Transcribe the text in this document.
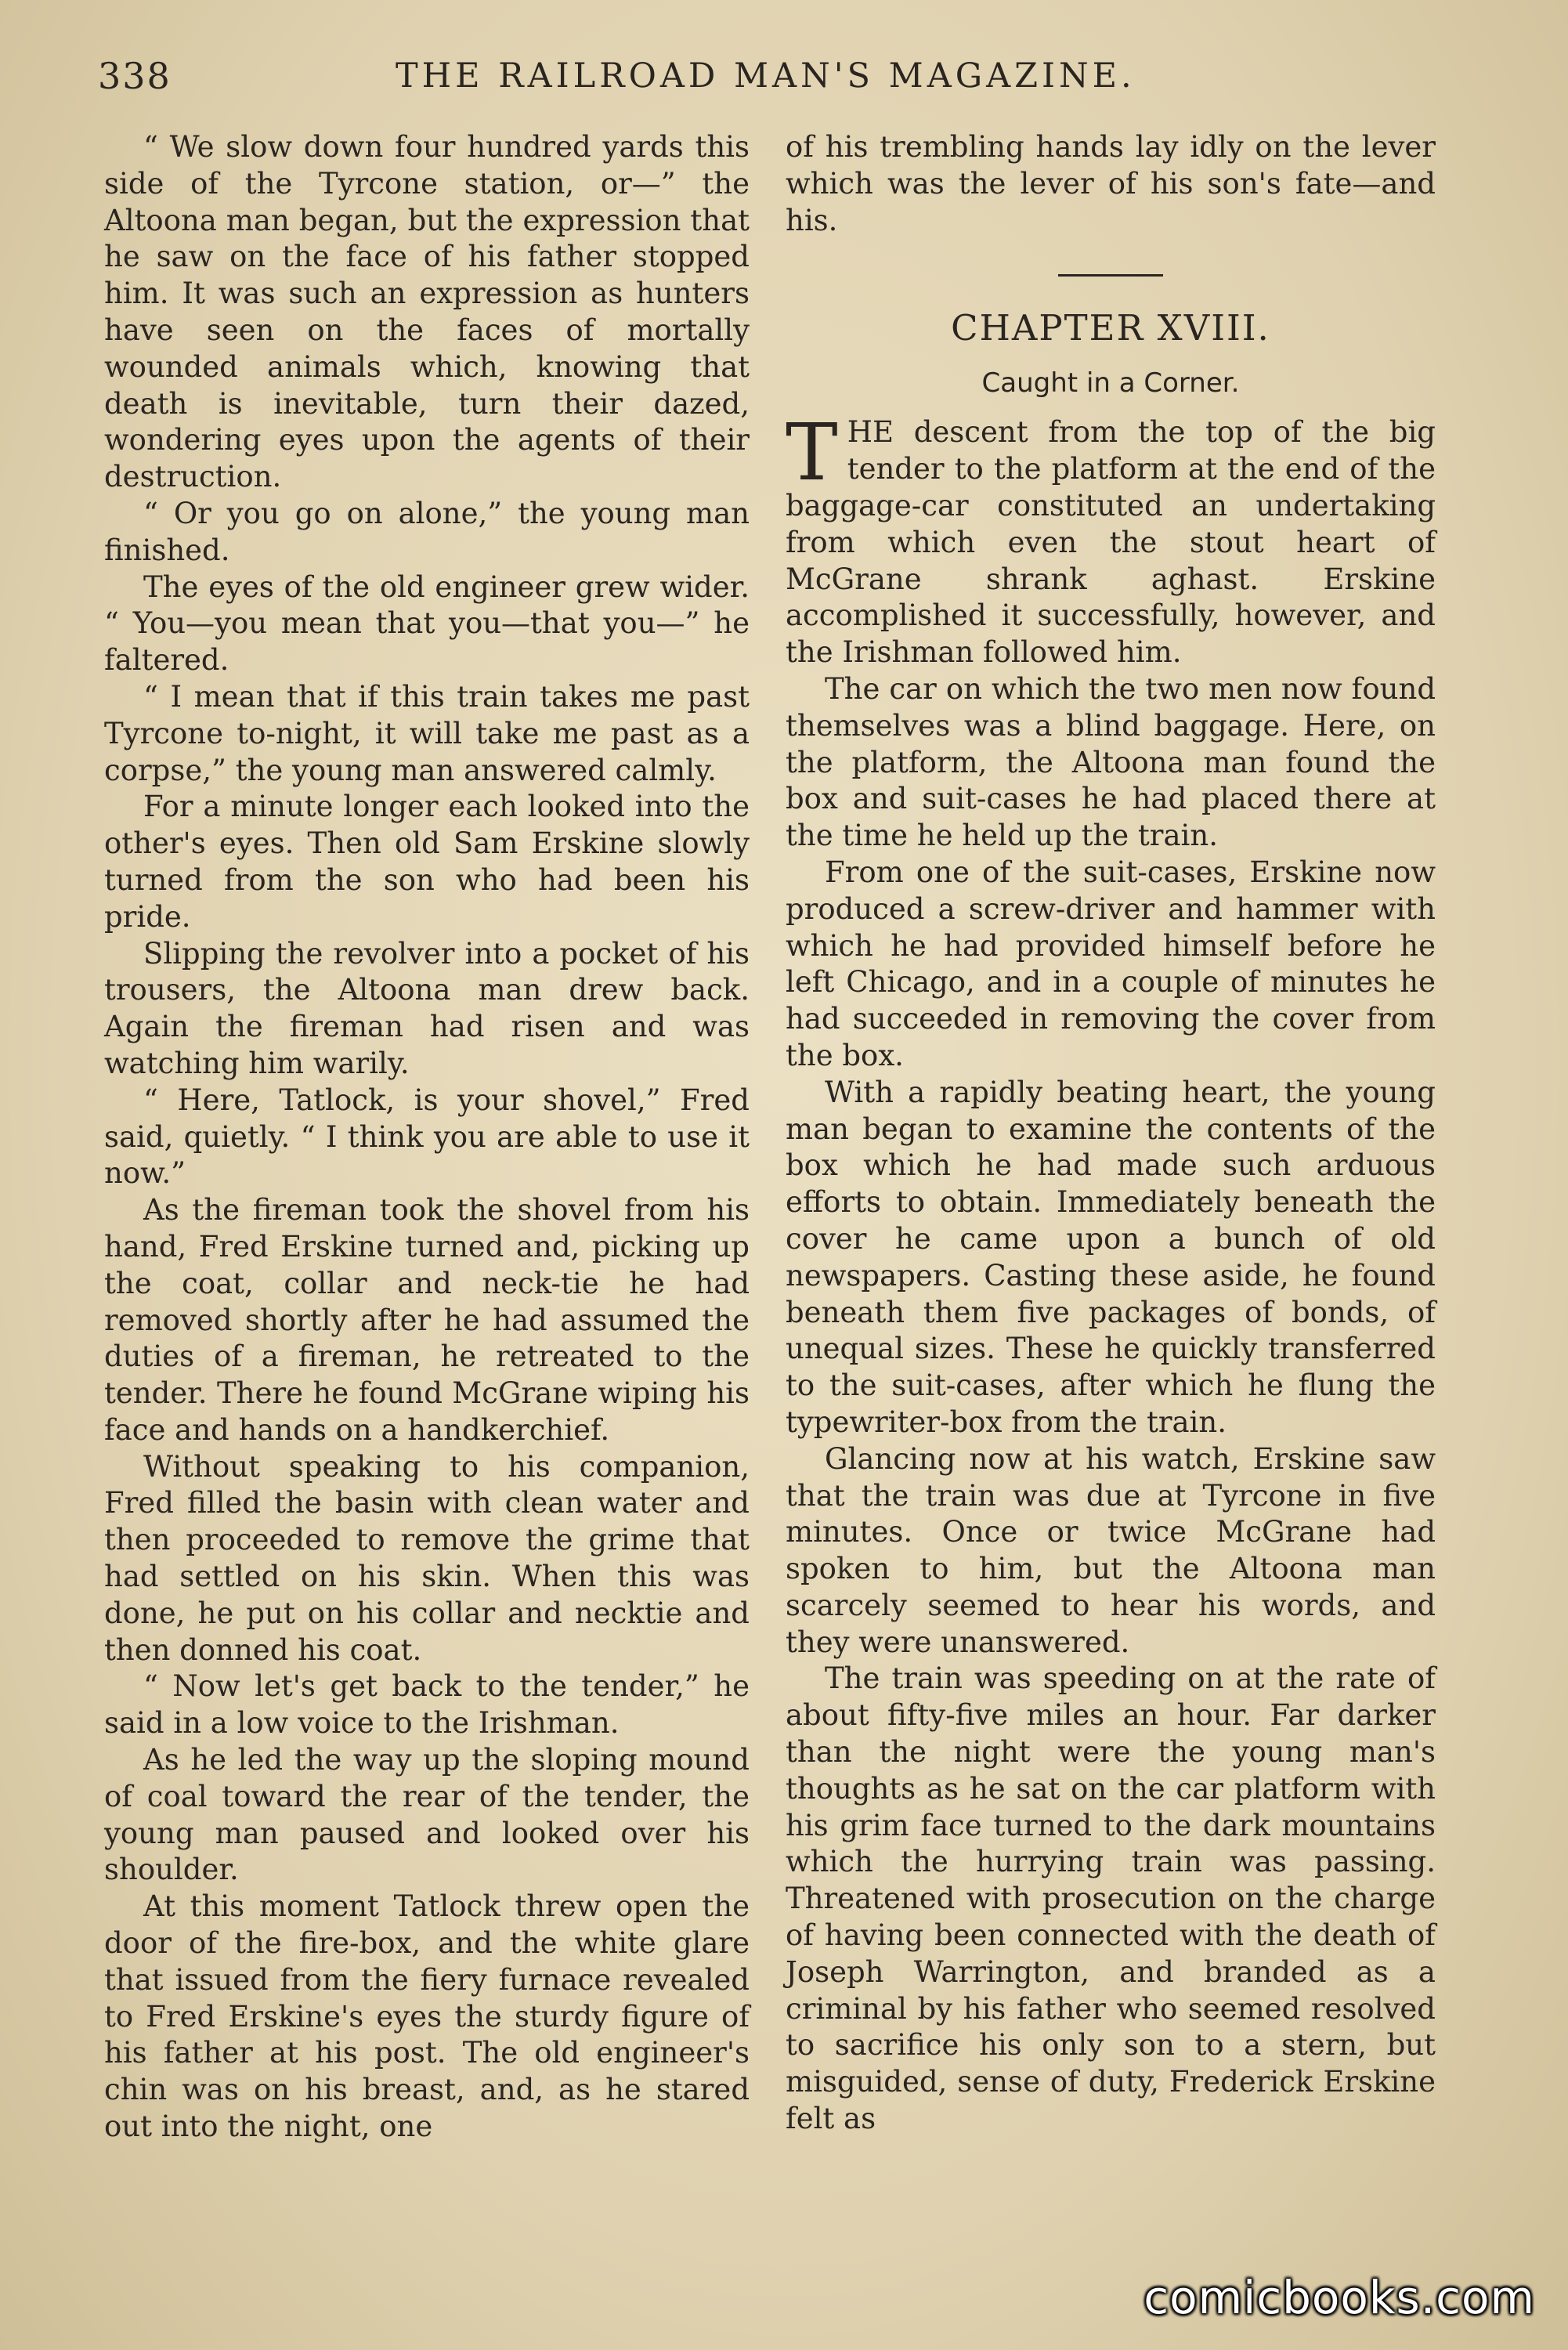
338	THE RAILROAD MAN'S MAGAZINE.

“ We slow down four hundred yards this side of the Tyrcone station, or—” the Altoona man began, but the expression that he saw on the face of his father stopped him. It was such an expression as hunters have seen on the faces of mortally wounded animals which, knowing that death is inevitable, turn their dazed, wondering eyes upon the agents of their destruction.

“ Or you go on alone,” the young man finished.

The eyes of the old engineer grew wider. “ You—you mean that you—that you—” he faltered.

“ I mean that if this train takes me past Tyrcone to-night, it will take me past as a corpse,” the young man answered calmly.

For a minute longer each looked into the other's eyes. Then old Sam Erskine slowly turned from the son who had been his pride.

Slipping the revolver into a pocket of his trousers, the Altoona man drew back. Again the fireman had risen and was watching him warily.

“ Here, Tatlock, is your shovel,” Fred said, quietly. “ I think you are able to use it now.”

As the fireman took the shovel from his hand, Fred Erskine turned and, picking up the coat, collar and neck-tie he had removed shortly after he had assumed the duties of a fireman, he retreated to the tender. There he found McGrane wiping his face and hands on a handkerchief.

Without speaking to his companion, Fred filled the basin with clean water and then proceeded to remove the grime that had settled on his skin. When this was done, he put on his collar and necktie and then donned his coat.

“ Now let's get back to the tender,” he said in a low voice to the Irishman.

As he led the way up the sloping mound of coal toward the rear of the tender, the young man paused and looked over his shoulder.

At this moment Tatlock threw open the door of the fire-box, and the white glare that issued from the fiery furnace revealed to Fred Erskine's eyes the sturdy figure of his father at his post. The old engineer's chin was on his breast, and, as he stared out into the night, one

of his trembling hands lay idly on the lever which was the lever of his son's fate—and his.

CHAPTER XVIII.
Caught in a Corner.

THE descent from the top of the big tender to the platform at the end of the baggage-car constituted an undertaking from which even the stout heart of McGrane shrank aghast. Erskine accomplished it successfully, however, and the Irishman followed him.

The car on which the two men now found themselves was a blind baggage. Here, on the platform, the Altoona man found the box and suit-cases he had placed there at the time he held up the train.

From one of the suit-cases, Erskine now produced a screw-driver and hammer with which he had provided himself before he left Chicago, and in a couple of minutes he had succeeded in removing the cover from the box.

With a rapidly beating heart, the young man began to examine the contents of the box which he had made such arduous efforts to obtain. Immediately beneath the cover he came upon a bunch of old newspapers. Casting these aside, he found beneath them five packages of bonds, of unequal sizes. These he quickly transferred to the suit-cases, after which he flung the typewriter-box from the train.

Glancing now at his watch, Erskine saw that the train was due at Tyrcone in five minutes. Once or twice McGrane had spoken to him, but the Altoona man scarcely seemed to hear his words, and they were unanswered.

The train was speeding on at the rate of about fifty-five miles an hour. Far darker than the night were the young man's thoughts as he sat on the car platform with his grim face turned to the dark mountains which the hurrying train was passing. Threatened with prosecution on the charge of having been connected with the death of Joseph Warrington, and branded as a criminal by his father who seemed resolved to sacrifice his only son to a stern, but misguided, sense of duty, Frederick Erskine felt as

comicbooks.com
